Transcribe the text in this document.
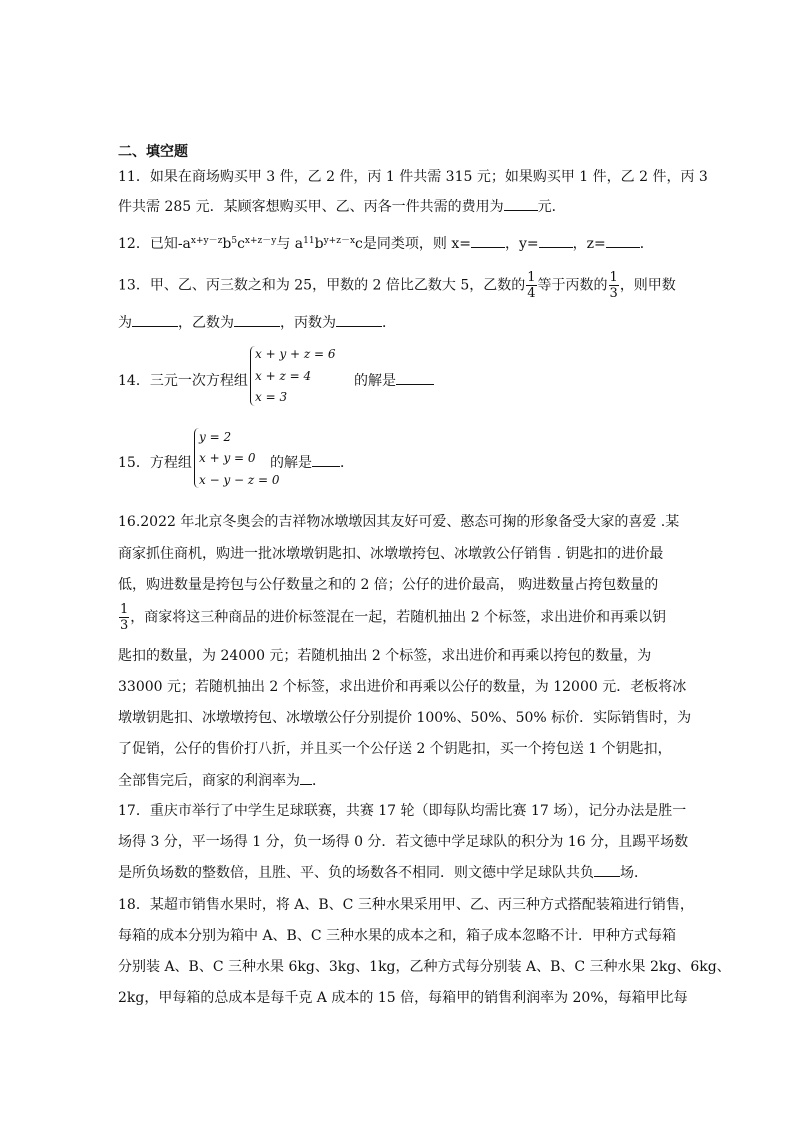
二、填空题
11．如果在商场购买甲 3 件，乙 2 件，丙 1 件共需 315 元；如果购买甲 1 件，乙 2 件，丙 3
件共需 285 元．某顾客想购买甲、乙、丙各一件共需的费用为 元．
12．已知$-a^{x+y-z}b^5c^{x+z-y}$与 $a^{11}b^{y+z-x}c$是同类项，则 x= ，y= ，z= ．
13．甲、乙、丙三数之和为 25，甲数的 2 倍比乙数大 5，乙数的 $\frac{1}{4}$ 等于丙数的 $\frac{1}{3}$ ，则甲数
为	，乙数为	，丙数为	．
14．三元一次方程组
x + y + z = 6
x + z = 4
x = 3
的解是
15．方程组
y = 2
x + y = 0
x − y − z = 0
的解是 ．
16.2022 年北京冬奥会的吉祥物冰墩墩因其友好可爱、憨态可掬的形象备受大家的喜爱 .某
商家抓住商机，购进一批冰墩墩钥匙扣、冰墩墩挎包、冰墩敦公仔销售 . 钥匙扣的进价最
低，购进数量是挎包与公仔数量之和的 2 倍；公仔的进价最高， 购进数量占挎包数量的
$\frac{1}{3}$ ，商家将这三种商品的进价标签混在一起，若随机抽出 2 个标签，求出进价和再乘以钥
匙扣的数量，为 24000 元；若随机抽出 2 个标签，求出进价和再乘以挎包的数量，为
33000 元；若随机抽出 2 个标签，求出进价和再乘以公仔的数量，为 12000 元．老板将冰
墩墩钥匙扣、冰墩墩挎包、冰墩墩公仔分别提价 100%、50%、50% 标价．实际销售时，为
了促销，公仔的售价打八折，并且买一个公仔送 2 个钥匙扣，买一个挎包送 1 个钥匙扣，
全部售完后，商家的利润率为 ．
17．重庆市举行了中学生足球联赛，共赛 17 轮（即每队均需比赛 17 场），记分办法是胜一
场得 3 分，平一场得 1 分，负一场得 0 分．若文德中学足球队的积分为 16 分，且踢平场数
是所负场数的整数倍，且胜、平、负的场数各不相同．则文德中学足球队共负 场．
18．某超市销售水果时，将 A、B、C 三种水果采用甲、乙、丙三种方式搭配装箱进行销售，
每箱的成本分别为箱中 A、B、C 三种水果的成本之和，箱子成本忽略不计．甲种方式每箱
分别装 A、B、C 三种水果 6kg、3kg、1kg，乙种方式每分别装 A、B、C 三种水果 2kg、6kg、
2kg，甲每箱的总成本是每千克 A 成本的 15 倍，每箱甲的销售利润率为 20%，每箱甲比每
